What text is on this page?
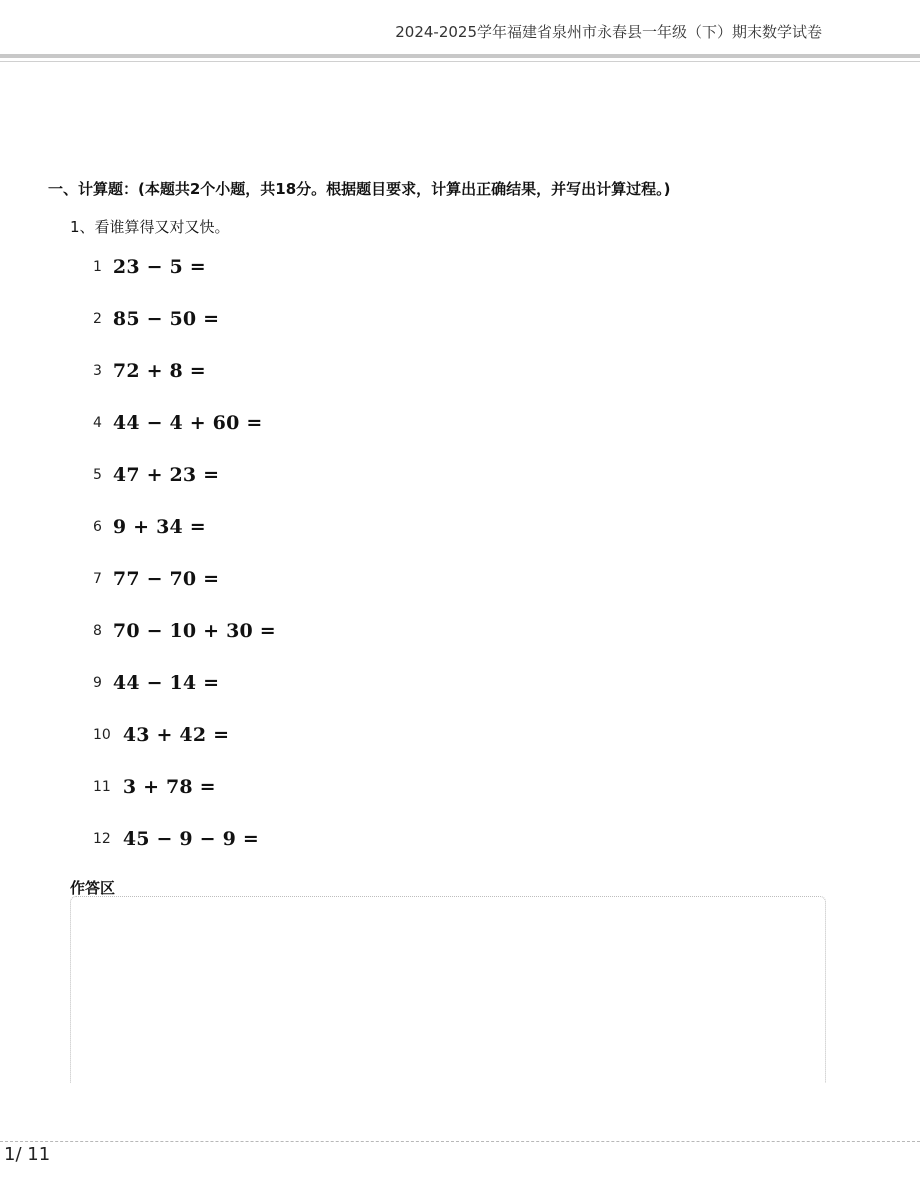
2024-2025学年福建省泉州市永春县一年级（下）期末数学试卷
一、计算题：(本题共2个小题，共18分。根据题目要求，计算出正确结果，并写出计算过程。)
1、看谁算得又对又快。
1 23 − 5 =
2 85 − 50 =
3 72 + 8 =
4 44 − 4 + 60 =
5 47 + 23 =
6 9 + 34 =
7 77 − 70 =
8 70 − 10 + 30 =
9 44 − 14 =
10 43 + 42 =
11 3 + 78 =
12 45 − 9 − 9 =
作答区
1/ 11
